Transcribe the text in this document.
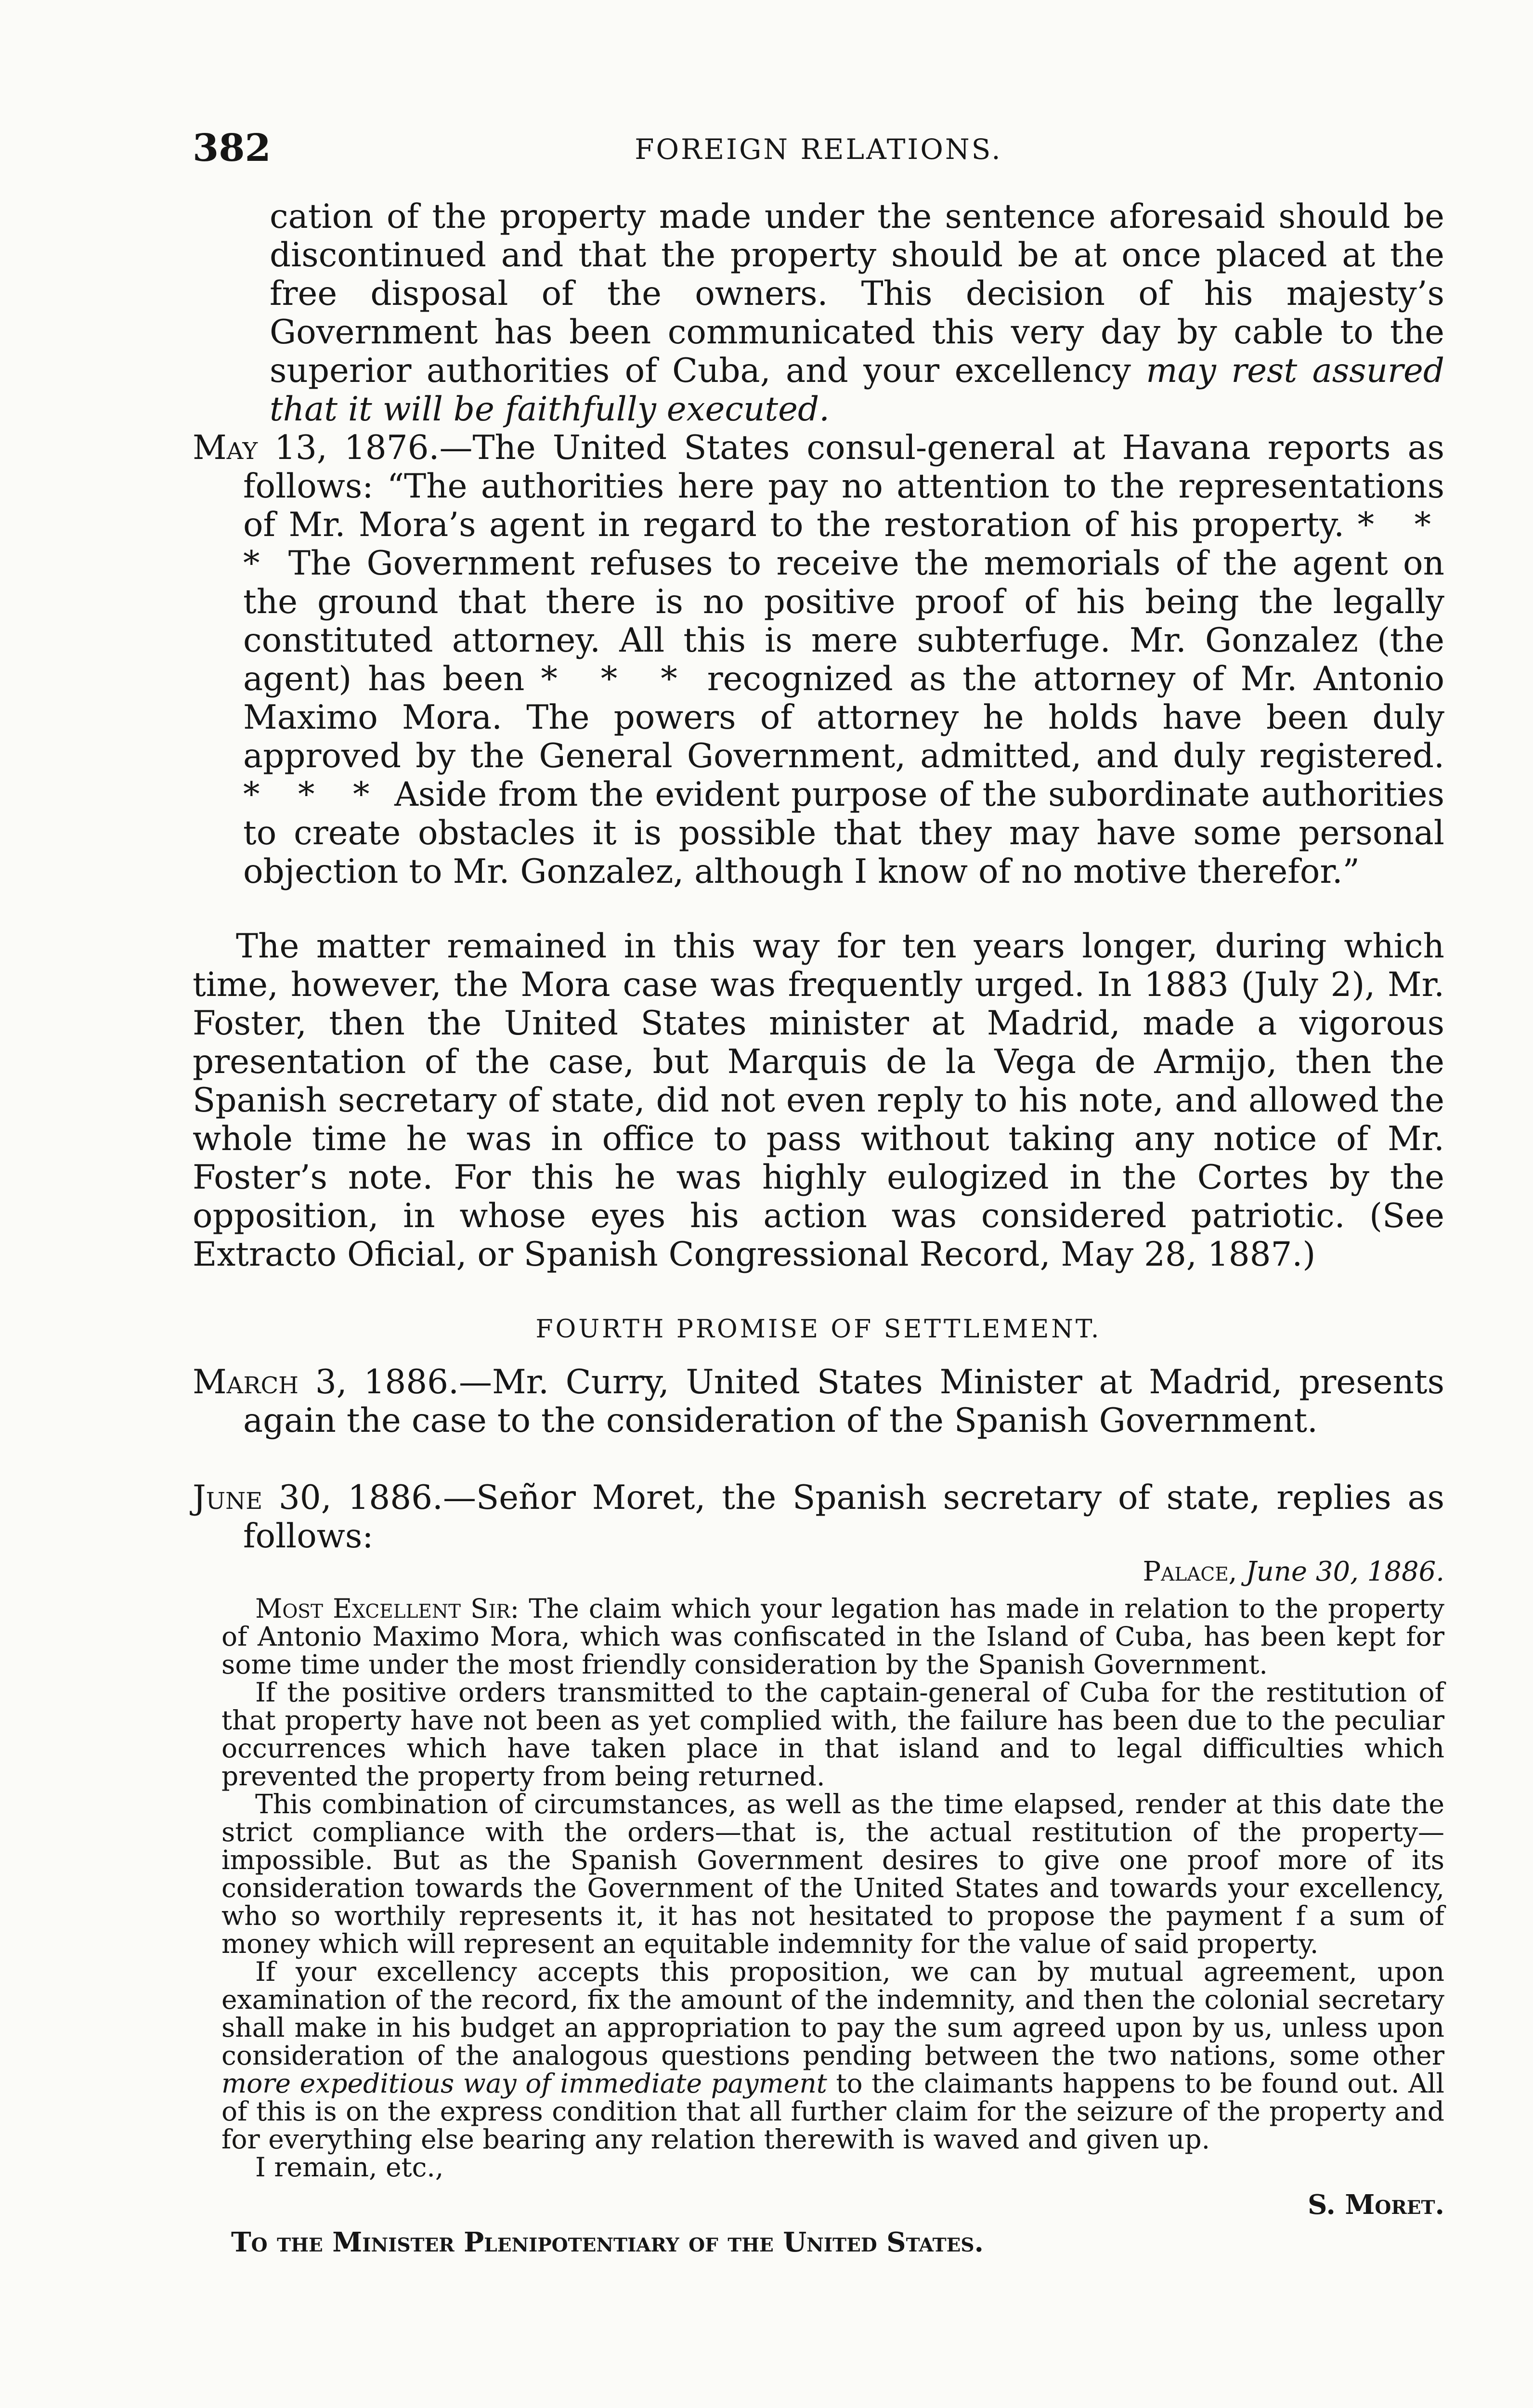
382	FOREIGN RELATIONS.

cation of the property made under the sentence aforesaid should be discontinued and that the property should be at once placed at the free disposal of the owners. This decision of his majesty’s Government has been communicated this very day by cable to the superior authorities of Cuba, and your excellency may rest assured that it will be faithfully executed.

May 13, 1876.—The United States consul-general at Havana reports as follows: “The authorities here pay no attention to the representations of Mr. Mora’s agent in regard to the restoration of his property. * * * The Government refuses to receive the memorials of the agent on the ground that there is no positive proof of his being the legally constituted attorney. All this is mere subterfuge. Mr. Gonzalez (the agent) has been * * * recognized as the attorney of Mr. Antonio Maximo Mora. The powers of attorney he holds have been duly approved by the General Government, admitted, and duly registered. * * * Aside from the evident purpose of the subordinate authorities to create obstacles it is possible that they may have some personal objection to Mr. Gonzalez, although I know of no motive therefor.”

The matter remained in this way for ten years longer, during which time, however, the Mora case was frequently urged. In 1883 (July 2), Mr. Foster, then the United States minister at Madrid, made a vigorous presentation of the case, but Marquis de la Vega de Armijo, then the Spanish secretary of state, did not even reply to his note, and allowed the whole time he was in office to pass without taking any notice of Mr. Foster’s note. For this he was highly eulogized in the Cortes by the opposition, in whose eyes his action was considered patriotic. (See Extracto Oficial, or Spanish Congressional Record, May 28, 1887.)

FOURTH PROMISE OF SETTLEMENT.

March 3, 1886.—Mr. Curry, United States Minister at Madrid, presents again the case to the consideration of the Spanish Government.

June 30, 1886.—Señor Moret, the Spanish secretary of state, replies as follows:

Palace, June 30, 1886.

Most Excellent Sir: The claim which your legation has made in relation to the property of Antonio Maximo Mora, which was confiscated in the Island of Cuba, has been kept for some time under the most friendly consideration by the Spanish Government.

If the positive orders transmitted to the captain-general of Cuba for the restitution of that property have not been as yet complied with, the failure has been due to the peculiar occurrences which have taken place in that island and to legal difficulties which prevented the property from being returned.

This combination of circumstances, as well as the time elapsed, render at this date the strict compliance with the orders—that is, the actual restitution of the property—impossible. But as the Spanish Government desires to give one proof more of its consideration towards the Government of the United States and towards your excellency, who so worthily represents it, it has not hesitated to propose the payment f a sum of money which will represent an equitable indemnity for the value of said property.

If your excellency accepts this proposition, we can by mutual agreement, upon examination of the record, fix the amount of the indemnity, and then the colonial secretary shall make in his budget an appropriation to pay the sum agreed upon by us, unless upon consideration of the analogous questions pending between the two nations, some other more expeditious way of immediate payment to the claimants happens to be found out. All of this is on the express condition that all further claim for the seizure of the property and for everything else bearing any relation therewith is waved and given up.

I remain, etc.,

S. Moret.

To the Minister Plenipotentiary of the United States.
